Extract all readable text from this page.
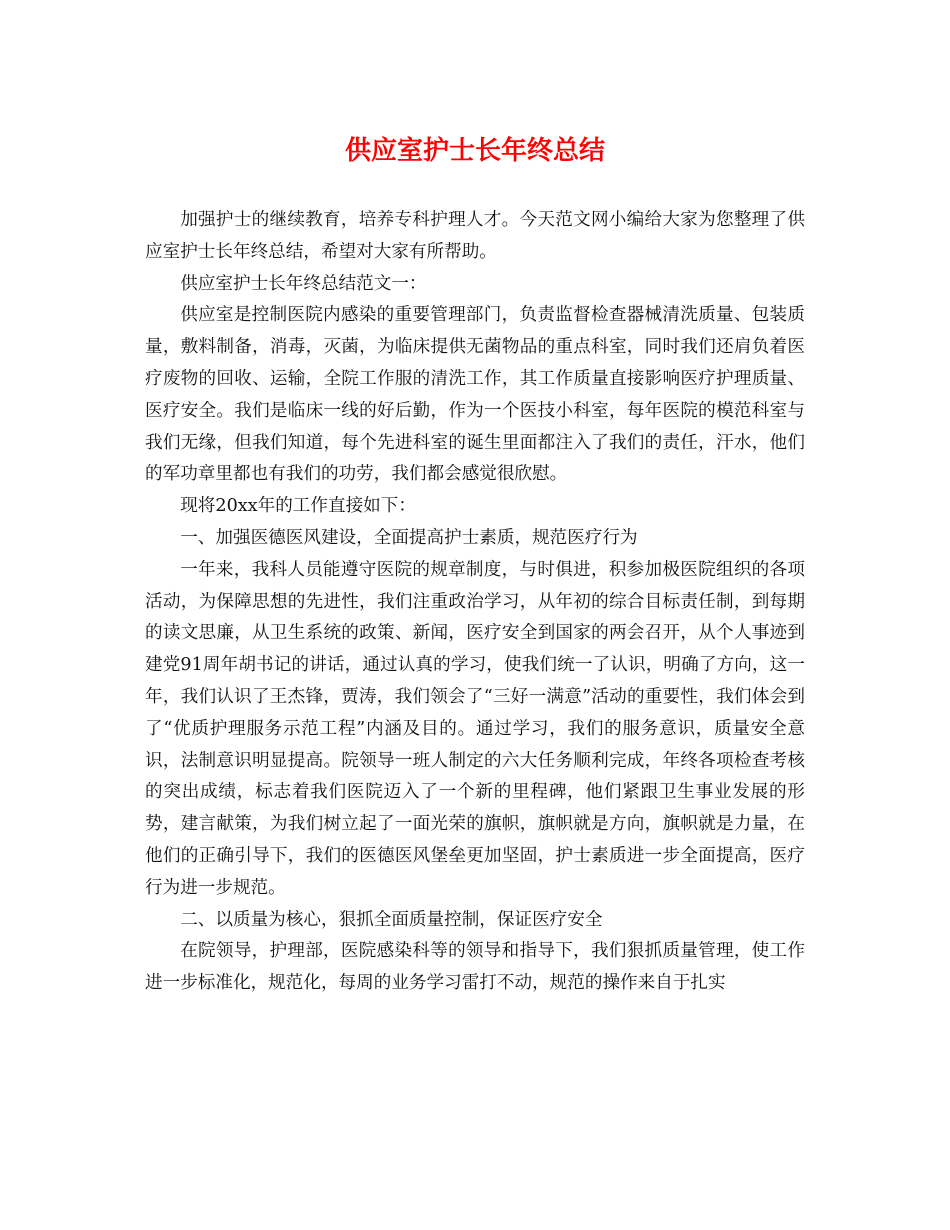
供应室护士长年终总结

加强护士的继续教育，培养专科护理人才。今天范文网小编给大家为您整理了供应室护士长年终总结，希望对大家有所帮助。

供应室护士长年终总结范文一：

供应室是控制医院内感染的重要管理部门，负责监督检查器械清洗质量、包装质量，敷料制备，消毒，灭菌，为临床提供无菌物品的重点科室，同时我们还肩负着医疗废物的回收、运输，全院工作服的清洗工作，其工作质量直接影响医疗护理质量、医疗安全。我们是临床一线的好后勤，作为一个医技小科室，每年医院的模范科室与我们无缘，但我们知道，每个先进科室的诞生里面都注入了我们的责任，汗水，他们的军功章里都也有我们的功劳，我们都会感觉很欣慰。

现将20xx年的工作直接如下：

一、加强医德医风建设，全面提高护士素质，规范医疗行为

一年来，我科人员能遵守医院的规章制度，与时俱进，积参加极医院组织的各项活动，为保障思想的先进性，我们注重政治学习，从年初的综合目标责任制，到每期的读文思廉，从卫生系统的政策、新闻，医疗安全到国家的两会召开，从个人事迹到建党91周年胡书记的讲话，通过认真的学习，使我们统一了认识，明确了方向，这一年，我们认识了王杰锋，贾涛，我们领会了“三好一满意”活动的重要性，我们体会到了“优质护理服务示范工程”内涵及目的。通过学习，我们的服务意识，质量安全意识，法制意识明显提高。院领导一班人制定的六大任务顺利完成，年终各项检查考核的突出成绩，标志着我们医院迈入了一个新的里程碑，他们紧跟卫生事业发展的形势，建言献策，为我们树立起了一面光荣的旗帜，旗帜就是方向，旗帜就是力量，在他们的正确引导下，我们的医德医风堡垒更加坚固，护士素质进一步全面提高，医疗行为进一步规范。

二、以质量为核心，狠抓全面质量控制，保证医疗安全

在院领导，护理部，医院感染科等的领导和指导下，我们狠抓质量管理，使工作进一步标准化，规范化，每周的业务学习雷打不动，规范的操作来自于扎实
